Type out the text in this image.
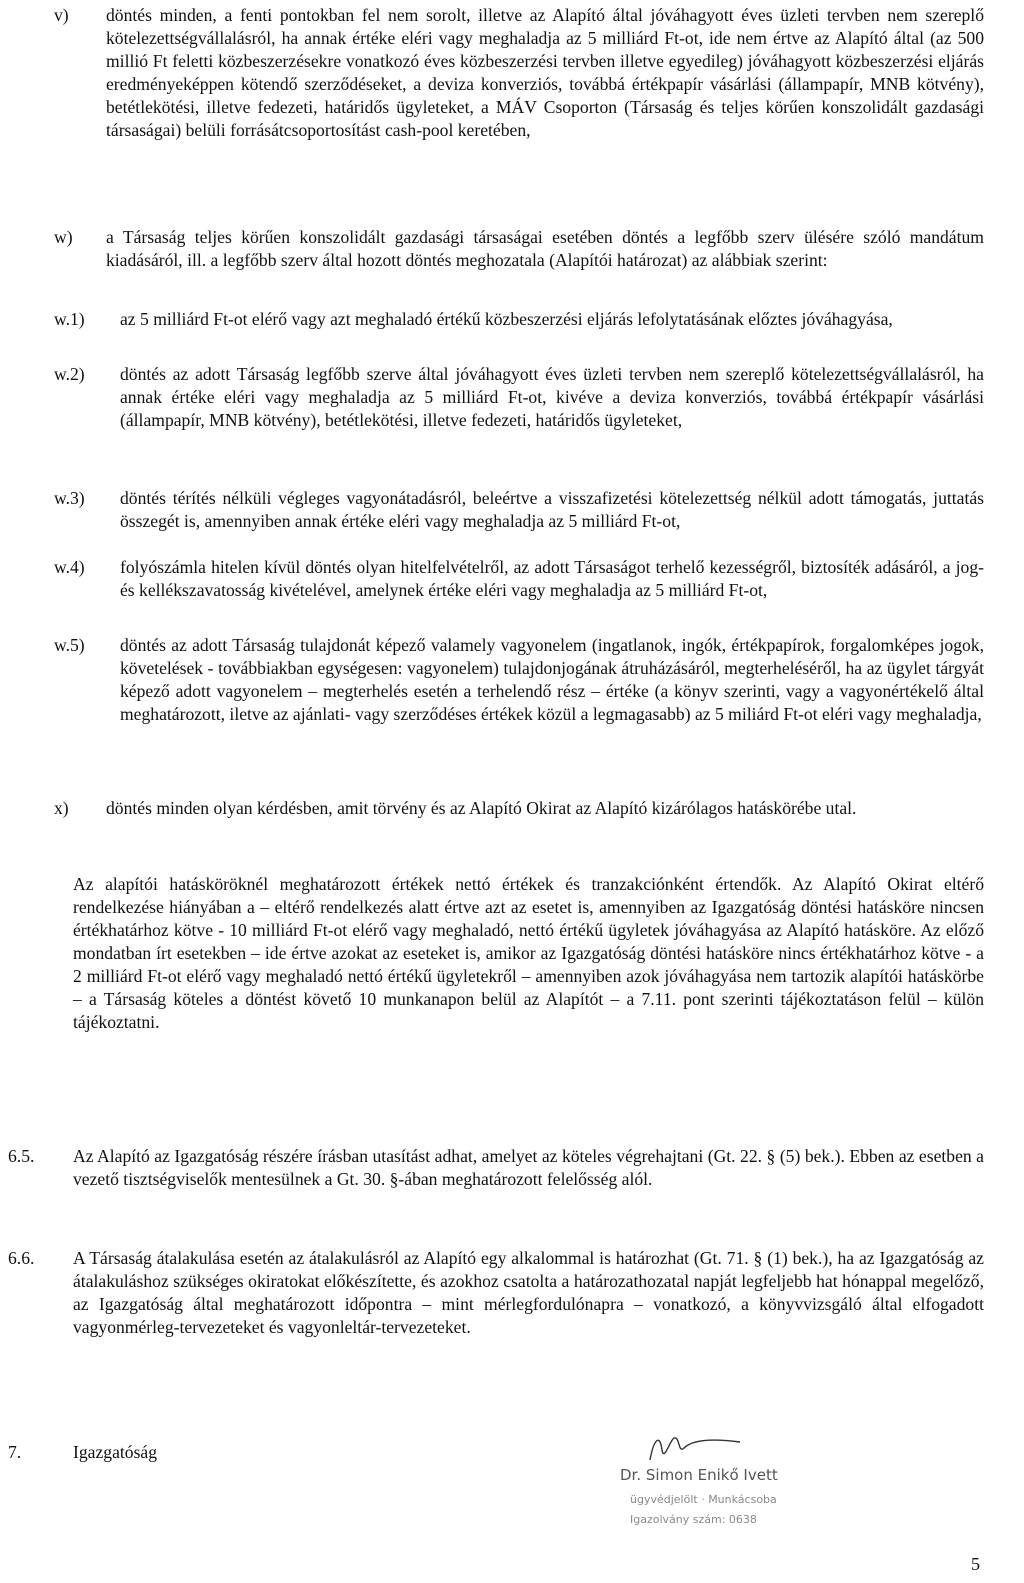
v) döntés minden, a fenti pontokban fel nem sorolt, illetve az Alapító által jóváhagyott éves üzleti tervben nem szereplő kötelezettségvállalásról, ha annak értéke eléri vagy meghaladja az 5 milliárd Ft-ot, ide nem értve az Alapító által (az 500 millió Ft feletti közbeszerzésekre vonatkozó éves közbeszerzési tervben illetve egyedileg) jóváhagyott közbeszerzési eljárás eredményeképpen kötendő szerződéseket, a deviza konverziós, továbbá értékpapír vásárlási (állampapír, MNB kötvény), betétlekötési, illetve fedezeti, határidős ügyleteket, a MÁV Csoporton (Társaság és teljes körűen konszolidált gazdasági társaságai) belüli forrásátcsoportosítást cash-pool keretében,

w) a Társaság teljes körűen konszolidált gazdasági társaságai esetében döntés a legfőbb szerv ülésére szóló mandátum kiadásáról, ill. a legfőbb szerv által hozott döntés meghozatala (Alapítói határozat) az alábbiak szerint:

w.1) az 5 milliárd Ft-ot elérő vagy azt meghaladó értékű közbeszerzési eljárás lefolytatásának előztes jóváhagyása,

w.2) döntés az adott Társaság legfőbb szerve által jóváhagyott éves üzleti tervben nem szereplő kötelezettségvállalásról, ha annak értéke eléri vagy meghaladja az 5 milliárd Ft-ot, kivéve a deviza konverziós, továbbá értékpapír vásárlási (állampapír, MNB kötvény), betétlekötési, illetve fedezeti, határidős ügyleteket,

w.3) döntés térítés nélküli végleges vagyonátadásról, beleértve a visszafizetési kötelezettség nélkül adott támogatás, juttatás összegét is, amennyiben annak értéke eléri vagy meghaladja az 5 milliárd Ft-ot,

w.4) folyószámla hitelen kívül döntés olyan hitelfelvételről, az adott Társaságot terhelő kezességről, biztosíték adásáról, a jog- és kellékszavatosság kivételével, amelynek értéke eléri vagy meghaladja az 5 milliárd Ft-ot,

w.5) döntés az adott Társaság tulajdonát képező valamely vagyonelem (ingatlanok, ingók, értékpapírok, forgalomképes jogok, követelések - továbbiakban egységesen: vagyonelem) tulajdonjogának átruházásáról, megterheléséről, ha az ügylet tárgyát képező adott vagyonelem – megterhelés esetén a terhelendő rész – értéke (a könyv szerinti, vagy a vagyonértékelő által meghatározott, iletve az ajánlati- vagy szerződéses értékek közül a legmagasabb) az 5 miliárd Ft-ot eléri vagy meghaladja,

x) döntés minden olyan kérdésben, amit törvény és az Alapító Okirat az Alapító kizárólagos hatáskörébe utal.

Az alapítói hatásköröknél meghatározott értékek nettó értékek és tranzakciónként értendők. Az Alapító Okirat eltérő rendelkezése hiányában a – eltérő rendelkezés alatt értve azt az esetet is, amennyiben az Igazgatóság döntési hatásköre nincsen értékhatárhoz kötve - 10 milliárd Ft-ot elérő vagy meghaladó, nettó értékű ügyletek jóváhagyása az Alapító hatásköre. Az előző mondatban írt esetekben – ide értve azokat az eseteket is, amikor az Igazgatóság döntési hatásköre nincs értékhatárhoz kötve - a 2 milliárd Ft-ot elérő vagy meghaladó nettó értékű ügyletekről – amennyiben azok jóváhagyása nem tartozik alapítói hatáskörbe – a Társaság köteles a döntést követő 10 munkanapon belül az Alapítót – a 7.11. pont szerinti tájékoztatáson felül – külön tájékoztatni.

6.5. Az Alapító az Igazgatóság részére írásban utasítást adhat, amelyet az köteles végrehajtani (Gt. 22. § (5) bek.). Ebben az esetben a vezető tisztségviselők mentesülnek a Gt. 30. §-ában meghatározott felelősség alól.

6.6. A Társaság átalakulása esetén az átalakulásról az Alapító egy alkalommal is határozhat (Gt. 71. § (1) bek.), ha az Igazgatóság az átalakuláshoz szükséges okiratokat előkészítette, és azokhoz csatolta a határozathozatal napját legfeljebb hat hónappal megelőző, az Igazgatóság által meghatározott időpontra – mint mérlegfordulónapra – vonatkozó, a könyvvizsgáló által elfogadott vagyonmérleg-tervezeteket és vagyonleltár-tervezeteket.

7.	Igazgatóság
Dr. Simon Enikő Ivett
ügyvédjelölt · Munkácsoba
Igazolvány szám: 0638
5
